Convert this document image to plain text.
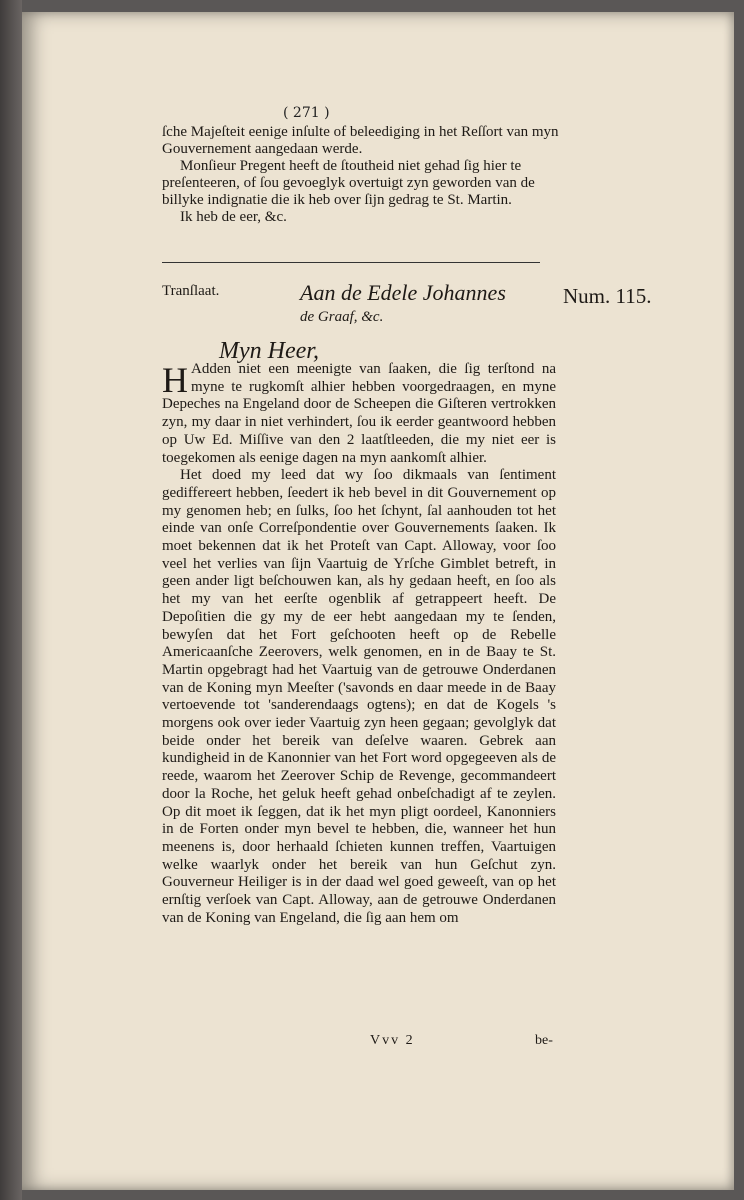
( 271 )

ſche Majeſteit eenige inſulte of beleediging in het Reſſort van myn Gouvernement aangedaan werde.

Monſieur Pregent heeft de ſtoutheid niet gehad ſig hier te preſenteeren, of ſou gevoeglyk overtuigt zyn geworden van de billyke indignatie die ik heb over ſijn gedrag te St. Martin.

Ik heb de eer, &c.

Tranſlaat.	Aan de Edele Johannes
de Graaf, &c.
Num. 115.
Myn Heer,

H Adden niet een meenigte van ſaaken, die ſig terſtond na myne te rugkomſt alhier hebben voorgedraagen, en myne Depeches na Engeland door de Scheepen die Giſteren vertrokken zyn, my daar in niet verhindert, ſou ik eerder geantwoord hebben op Uw Ed. Miſſive van den 2 laatſtleeden, die my niet eer is toegekomen als eenige dagen na myn aankomſt alhier.

Het doed my leed dat wy ſoo dikmaals van ſentiment gediffereert hebben, ſeedert ik heb bevel in dit Gouvernement op my genomen heb; en ſulks, ſoo het ſchynt, ſal aanhouden tot het einde van onſe Correſpondentie over Gouvernements ſaaken. Ik moet bekennen dat ik het Proteſt van Capt. Alloway, voor ſoo veel het verlies van ſijn Vaartuig de Yrſche Gimblet betreft, in geen ander ligt beſchouwen kan, als hy gedaan heeft, en ſoo als het my van het eerſte ogenblik af getrappeert heeft. De Depoſitien die gy my de eer hebt aangedaan my te ſenden, bewyſen dat het Fort geſchooten heeft op de Rebelle Americaanſche Zeerovers, welk genomen, en in de Baay te St. Martin opgebragt had het Vaartuig van de getrouwe Onderdanen van de Koning myn Meeſter ('savonds en daar meede in de Baay vertoevende tot 'sanderendaags ogtens); en dat de Kogels 's morgens ook over ieder Vaartuig zyn heen gegaan; gevolglyk dat beide onder het bereik van deſelve waaren. Gebrek aan kundigheid in de Kanonnier van het Fort word opgegeeven als de reede, waarom het Zeerover Schip de Revenge, gecommandeert door la Roche, het geluk heeft gehad onbeſchadigt af te zeylen. Op dit moet ik ſeggen, dat ik het myn pligt oordeel, Kanonniers in de Forten onder myn bevel te hebben, die, wanneer het hun meenens is, door herhaald ſchieten kunnen treffen, Vaartuigen welke waarlyk onder het bereik van hun Geſchut zyn. Gouverneur Heiliger is in der daad wel goed geweeſt, van op het ernſtig verſoek van Capt. Alloway, aan de getrouwe Onderdanen van de Koning van Engeland, die ſig aan hem om

Vvv 2	be-
